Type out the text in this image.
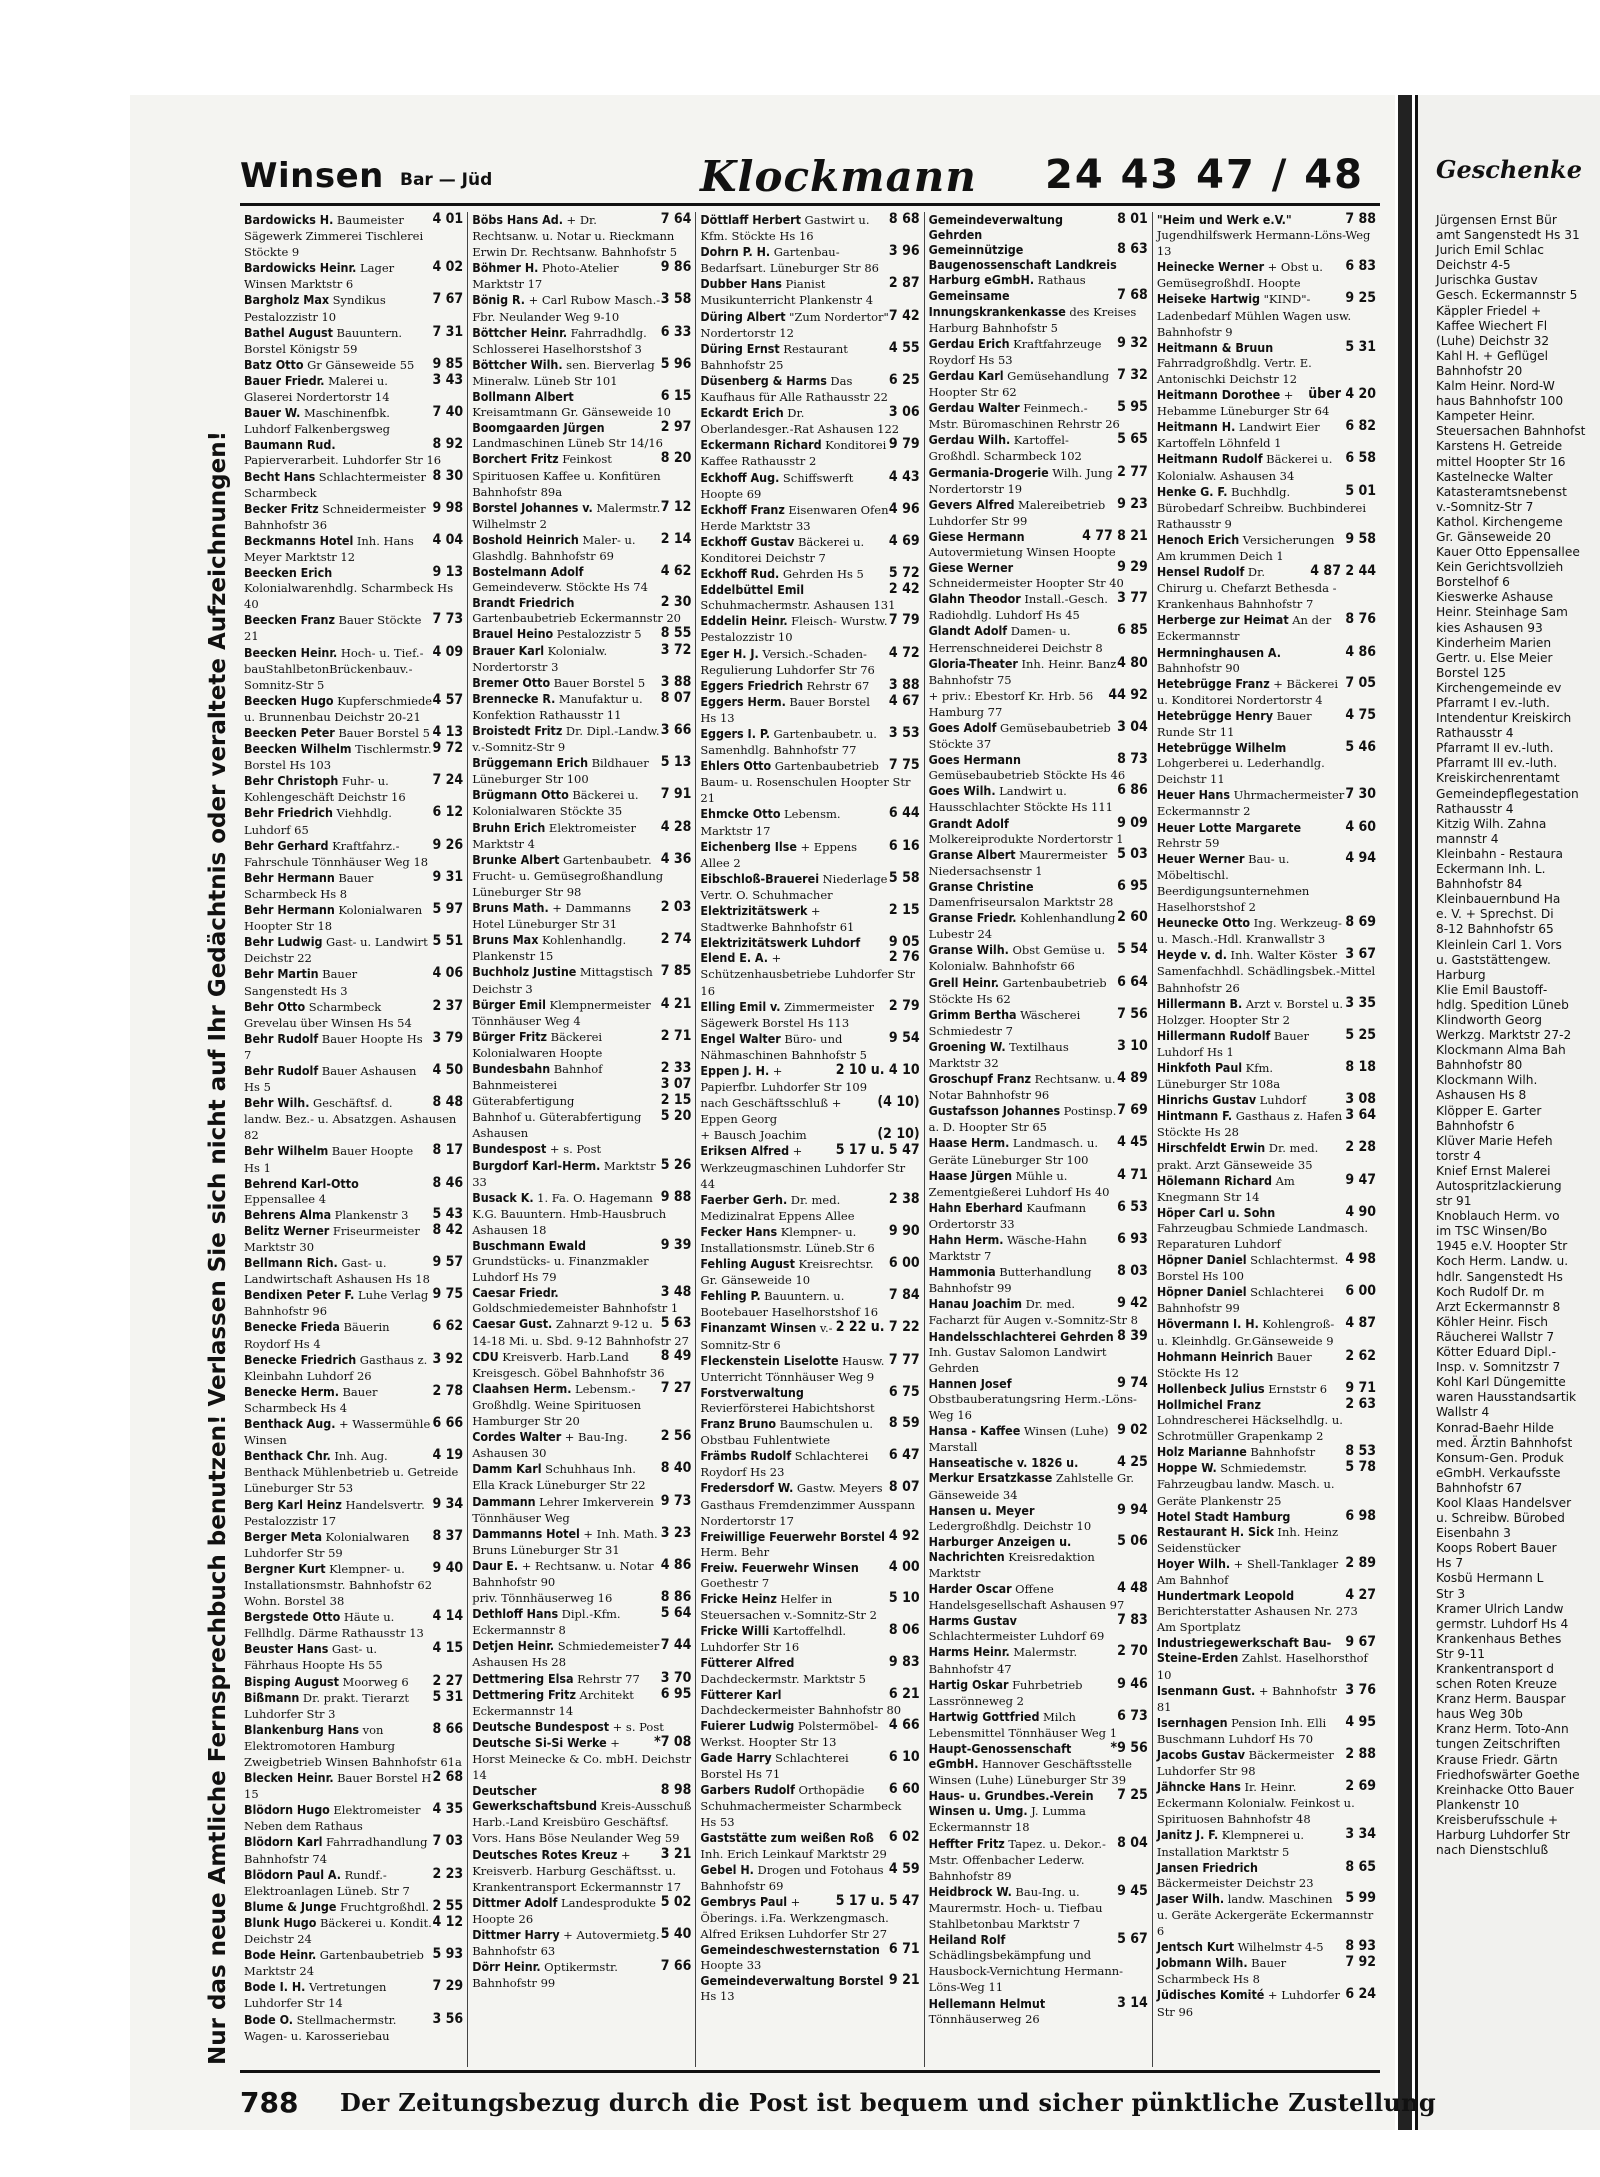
Geschenke
Jürgensen Ernst Bür
amt Sangenstedt Hs 31
Jurich Emil Schlac
Deichstr 4-5
Jurischka Gustav
Gesch. Eckermannstr 5
Käppler Friedel +
Kaffee Wiechert Fl
(Luhe) Deichstr 32
Kahl H. + Geflügel
Bahnhofstr 20
Kalm Heinr. Nord-W
haus Bahnhofstr 100
Kampeter Heinr.
Steuersachen Bahnhofst
Karstens H. Getreide
mittel Hoopter Str 16
Kastelnecke Walter
Katasteramtsnebenst
v.-Somnitz-Str 7
Kathol. Kirchengeme
Gr. Gänseweide 20
Kauer Otto Eppensallee
Kein Gerichtsvollzieh
Borstelhof 6
Kieswerke Ashause
Heinr. Steinhage Sam
kies Ashausen 93
Kinderheim Marien
Gertr. u. Else Meier
Borstel 125
Kirchengemeinde ev
Pfarramt I ev.-luth.
Intendentur Kreiskirch
Rathausstr 4
Pfarramt II ev.-luth.
Pfarramt III ev.-luth.
Kreiskirchenrentamt
Gemeindepflegestation
Rathausstr 4
Kitzig Wilh. Zahna
mannstr 4
Kleinbahn - Restaura
Eckermann Inh. L.
Bahnhofstr 84
Kleinbauernbund Ha
e. V. + Sprechst. Di
8-12 Bahnhofstr 65
Kleinlein Carl 1. Vors
u. Gaststättengew.
Harburg
Klie Emil Baustoff-
hdlg. Spedition Lüneb
Klindworth Georg
Werkzg. Marktstr 27-2
Klockmann Alma Bah
Bahnhofstr 80
Klockmann Wilh.
Ashausen Hs 8
Klöpper E. Garter
Bahnhofstr 6
Klüver Marie Hefeh
torstr 4
Knief Ernst Malerei
Autospritzlackierung
str 91
Knoblauch Herm. vo
im TSC Winsen/Bo
1945 e.V. Hoopter Str
Koch Herm. Landw. u.
hdlr. Sangenstedt Hs
Koch Rudolf Dr. m
Arzt Eckermannstr 8
Köhler Heinr. Fisch
Räucherei Wallstr 7
Kötter Eduard Dipl.-
Insp. v. Somnitzstr 7
Kohl Karl Düngemitte
waren Hausstandsartik
Wallstr 4
Konrad-Baehr Hilde
med. Ärztin Bahnhofst
Konsum-Gen. Produk
eGmbH. Verkaufsste
Bahnhofstr 67
Kool Klaas Handelsver
u. Schreibw. Bürobed
Eisenbahn 3
Koops Robert Bauer
Hs 7
Kosbü Hermann L
Str 3
Kramer Ulrich Landw
germstr. Luhdorf Hs 4
Krankenhaus Bethes
Str 9-11
Krankentransport d
schen Roten Kreuze
Kranz Herm. Bauspar
haus Weg 30b
Kranz Herm. Toto-Ann
tungen Zeitschriften
Krause Friedr. Gärtn
Friedhofswärter Goethe
Kreinhacke Otto Bauer
Plankenstr 10
Kreisberufsschule +
Harburg Luhdorfer Str
nach Dienstschluß
Winsen Bar — Jüd	Klockmann 24 43 47 / 48
Nur das neue Amtliche Fernsprechbuch benutzen! Verlassen Sie sich nicht auf Ihr Gedächtnis oder veraltete Aufzeichnungen!
4 01
Bardowicks H. Baumeister Sägewerk Zimmerei Tischlerei Stöckte 9
4 02
Bardowicks Heinr. Lager Winsen Marktstr 6
7 67
Bargholz Max Syndikus Pestalozzistr 10
7 31
Bathel August Bauuntern. Borstel Königstr 59
9 85
Batz Otto Gr Gänseweide 55
3 43
Bauer Friedr. Malerei u. Glaserei Nordertorstr 14
7 40
Bauer W. Maschinenfbk. Luhdorf Falkenbergsweg
8 92
Baumann Rud. Papierverarbeit. Luhdorfer Str 16
8 30
Becht Hans Schlachtermeister Scharmbeck
9 98
Becker Fritz Schneidermeister Bahnhofstr 36
4 04
Beckmanns Hotel Inh. Hans Meyer Marktstr 12
9 13
Beecken Erich Kolonialwarenhdlg. Scharmbeck Hs 40
7 73
Beecken Franz Bauer Stöckte 21
4 09
Beecken Heinr. Hoch- u. Tief.-bauStahlbetonBrückenbauv.-Somnitz-Str 5
4 57
Beecken Hugo Kupferschmiede u. Brunnenbau Deichstr 20-21
4 13
Beecken Peter Bauer Borstel 5
9 72
Beecken Wilhelm Tischlermstr. Borstel Hs 103
7 24
Behr Christoph Fuhr- u. Kohlengeschäft Deichstr 16
6 12
Behr Friedrich Viehhdlg. Luhdorf 65
9 26
Behr Gerhard Kraftfahrz.-Fahrschule Tönnhäuser Weg 18
9 31
Behr Hermann Bauer Scharmbeck Hs 8
5 97
Behr Hermann Kolonialwaren Hoopter Str 18
5 51
Behr Ludwig Gast- u. Landwirt Deichstr 22
4 06
Behr Martin Bauer Sangenstedt Hs 3
2 37
Behr Otto Scharmbeck Grevelau über Winsen Hs 54
3 79
Behr Rudolf Bauer Hoopte Hs 7
4 50
Behr Rudolf Bauer Ashausen Hs 5
8 48
Behr Wilh. Geschäftsf. d. landw. Bez.- u. Absatzgen. Ashausen 82
8 17
Behr Wilhelm Bauer Hoopte Hs 1
8 46
Behrend Karl-Otto Eppensallee 4
5 43
Behrens Alma Plankenstr 3
8 42
Belitz Werner Friseurmeister Marktstr 30
9 57
Bellmann Rich. Gast- u. Landwirtschaft Ashausen Hs 18
9 75
Bendixen Peter F. Luhe Verlag Bahnhofstr 96
6 62
Benecke Frieda Bäuerin Roydorf Hs 4
3 92
Benecke Friedrich Gasthaus z. Kleinbahn Luhdorf 26
2 78
Benecke Herm. Bauer Scharmbeck Hs 4
6 66
Benthack Aug. + Wassermühle Winsen
4 19
Benthack Chr. Inh. Aug. Benthack Mühlenbetrieb u. Getreide Lüneburger Str 53
9 34
Berg Karl Heinz Handelsvertr. Pestalozzistr 17
8 37
Berger Meta Kolonialwaren Luhdorfer Str 59
9 40
Bergner Kurt Klempner- u. Installationsmstr. Bahnhofstr 62 Wohn. Borstel 38
4 14
Bergstede Otto Häute u. Fellhdlg. Därme Rathausstr 13
4 15
Beuster Hans Gast- u. Fährhaus Hoopte Hs 55
2 27
Bisping August Moorweg 6
5 31
Bißmann Dr. prakt. Tierarzt Luhdorfer Str 3
8 66
Blankenburg Hans von Elektromotoren Hamburg Zweigbetrieb Winsen Bahnhofstr 61a
2 68
Blecken Heinr. Bauer Borstel H 15
4 35
Blödorn Hugo Elektromeister Neben dem Rathaus
7 03
Blödorn Karl Fahrradhandlung Bahnhofstr 74
2 23
Blödorn Paul A. Rundf.-Elektroanlagen Lüneb. Str 7
2 55
Blume & Junge Fruchtgroßhdl.
4 12
Blunk Hugo Bäckerei u. Kondit. Deichstr 24
5 93
Bode Heinr. Gartenbaubetrieb Marktstr 24
7 29
Bode I. H. Vertretungen Luhdorfer Str 14
3 56
Bode O. Stellmachermstr. Wagen- u. Karosseriebau
7 64
Böbs Hans Ad. + Dr. Rechtsanw. u. Notar u. Rieckmann Erwin Dr. Rechtsanw. Bahnhofstr 5
9 86
Böhmer H. Photo-Atelier Marktstr 17
3 58
Bönig R. + Carl Rubow Masch.-Fbr. Neulander Weg 9-10
6 33
Böttcher Heinr. Fahrradhdlg. Schlosserei Haselhorstshof 3
5 96
Böttcher Wilh. sen. Bierverlag Mineralw. Lüneb Str 101
6 15
Bollmann Albert Kreisamtmann Gr. Gänseweide 10
2 97
Boomgaarden Jürgen Landmaschinen Lüneb Str 14/16
8 20
Borchert Fritz Feinkost Spirituosen Kaffee u. Konfitüren Bahnhofstr 89a
7 12
Borstel Johannes v. Malermstr. Wilhelmstr 2
2 14
Boshold Heinrich Maler- u. Glashdlg. Bahnhofstr 69
4 62
Bostelmann Adolf Gemeindeverw. Stöckte Hs 74
2 30
Brandt Friedrich Gartenbaubetrieb Eckermannstr 20
8 55
Brauel Heino Pestalozzistr 5
3 72
Brauer Karl Kolonialw. Nordertorstr 3
3 88
Bremer Otto Bauer Borstel 5
8 07
Brennecke R. Manufaktur u. Konfektion Rathausstr 11
3 66
Broistedt Fritz Dr. Dipl.-Landw. v.-Somnitz-Str 9
5 13
Brüggemann Erich Bildhauer Lüneburger Str 100
7 91
Brügmann Otto Bäckerei u. Kolonialwaren Stöckte 35
4 28
Bruhn Erich Elektromeister Marktstr 4
4 36
Brunke Albert Gartenbaubetr. Frucht- u. Gemüsegroßhandlung Lüneburger Str 98
2 03
Bruns Math. + Dammanns Hotel Lüneburger Str 31
2 74
Bruns Max Kohlenhandlg. Plankenstr 15
7 85
Buchholz Justine Mittagstisch Deichstr 3
4 21
Bürger Emil Klempnermeister Tönnhäuser Weg 4
2 71
Bürger Fritz Bäckerei Kolonialwaren Hoopte
2 33
Bundesbahn Bahnhof
3 07
Bahnmeisterei
2 15
Güterabfertigung
5 20
Bahnhof u. Güterabfertigung Ashausen
Bundespost + s. Post
5 26
Burgdorf Karl-Herm. Marktstr 33
9 88
Busack K. 1. Fa. O. Hagemann K.G. Bauuntern. Hmb-Hausbruch Ashausen 18
9 39
Buschmann Ewald Grundstücks- u. Finanzmakler Luhdorf Hs 79
3 48
Caesar Friedr. Goldschmiedemeister Bahnhofstr 1
5 63
Caesar Gust. Zahnarzt 9-12 u. 14-18 Mi. u. Sbd. 9-12 Bahnhofstr 27
8 49
CDU Kreisverb. Harb.Land Kreisgesch. Göbel Bahnhofstr 36
7 27
Claahsen Herm. Lebensm.-Großhdlg. Weine Spirituosen Hamburger Str 20
2 56
Cordes Walter + Bau-Ing. Ashausen 30
8 40
Damm Karl Schuhhaus Inh. Ella Krack Lüneburger Str 22
9 73
Dammann Lehrer Imkerverein Tönnhäuser Weg
3 23
Dammanns Hotel + Inh. Math. Bruns Lüneburger Str 31
4 86
Daur E. + Rechtsanw. u. Notar Bahnhofstr 90
8 86
priv. Tönnhäuserweg 16
5 64
Dethloff Hans Dipl.-Kfm. Eckermannstr 8
7 44
Detjen Heinr. Schmiedemeister Ashausen Hs 28
3 70
Dettmering Elsa Rehrstr 77
6 95
Dettmering Fritz Architekt Eckermannstr 14
Deutsche Bundespost + s. Post
*7 08
Deutsche Si-Si Werke + Horst Meinecke & Co. mbH. Deichstr 14
8 98
Deutscher Gewerkschaftsbund Kreis-Ausschuß Harb.-Land Kreisbüro Geschäftsf. Vors. Hans Böse Neulander Weg 59
3 21
Deutsches Rotes Kreuz + Kreisverb. Harburg Geschäftsst. u. Krankentransport Eckermannstr 17
5 02
Dittmer Adolf Landesprodukte Hoopte 26
5 40
Dittmer Harry + Autovermietg. Bahnhofstr 63
7 66
Dörr Heinr. Optikermstr. Bahnhofstr 99
8 68
Döttlaff Herbert Gastwirt u. Kfm. Stöckte Hs 16
3 96
Dohrn P. H. Gartenbau-Bedarfsart. Lüneburger Str 86
2 87
Dubber Hans Pianist Musikunterricht Plankenstr 4
7 42
Düring Albert "Zum Nordertor" Nordertorstr 12
4 55
Düring Ernst Restaurant Bahnhofstr 25
6 25
Düsenberg & Harms Das Kaufhaus für Alle Rathausstr 22
3 06
Eckardt Erich Dr. Oberlandesger.-Rat Ashausen 122
9 79
Eckermann Richard Konditorei Kaffee Rathausstr 2
4 43
Eckhoff Aug. Schiffswerft Hoopte 69
4 96
Eckhoff Franz Eisenwaren Ofen Herde Marktstr 33
4 69
Eckhoff Gustav Bäckerei u. Konditorei Deichstr 7
5 72
Eckhoff Rud. Gehrden Hs 5
2 42
Eddelbüttel Emil Schuhmachermstr. Ashausen 131
7 79
Eddelin Heinr. Fleisch- Wurstw. Pestalozzistr 10
4 72
Eger H. J. Versich.-Schaden-Regulierung Luhdorfer Str 76
3 88
Eggers Friedrich Rehrstr 67
4 67
Eggers Herm. Bauer Borstel Hs 13
3 53
Eggers I. P. Gartenbaubetr. u. Samenhdlg. Bahnhofstr 77
7 75
Ehlers Otto Gartenbaubetrieb Baum- u. Rosenschulen Hoopter Str 21
6 44
Ehmcke Otto Lebensm. Marktstr 17
6 16
Eichenberg Ilse + Eppens Allee 2
5 58
Eibschloß-Brauerei Niederlage Vertr. O. Schuhmacher
2 15
Elektrizitätswerk + Stadtwerke Bahnhofstr 61
9 05
Elektrizitätswerk Luhdorf
2 76
Elend E. A. + Schützenhausbetriebe Luhdorfer Str 16
2 79
Elling Emil v. Zimmermeister Sägewerk Borstel Hs 113
9 54
Engel Walter Büro- und Nähmaschinen Bahnhofstr 5
2 10 u. 4 10
Eppen J. H. + Papierfbr. Luhdorfer Str 109
(4 10)
nach Geschäftsschluß + Eppen Georg
(2 10)
+ Bausch Joachim
5 17 u. 5 47
Eriksen Alfred + Werkzeugmaschinen Luhdorfer Str 44
2 38
Faerber Gerh. Dr. med. Medizinalrat Eppens Allee
9 90
Fecker Hans Klempner- u. Installationsmstr. Lüneb.Str 6
6 00
Fehling August Kreisrechtsr. Gr. Gänseweide 10
7 84
Fehling P. Bauuntern. u. Bootebauer Haselhorstshof 16
2 22 u. 7 22
Finanzamt Winsen v.-Somnitz-Str 6
7 77
Fleckenstein Liselotte Hausw. Unterricht Tönnhäuser Weg 9
6 75
Forstverwaltung Revierförsterei Habichtshorst
8 59
Franz Bruno Baumschulen u. Obstbau Fuhlentwiete
6 47
Främbs Rudolf Schlachterei Roydorf Hs 23
8 07
Fredersdorf W. Gastw. Meyers Gasthaus Fremdenzimmer Ausspann Nordertorstr 17
4 92
Freiwillige Feuerwehr Borstel Herm. Behr
4 00
Freiw. Feuerwehr Winsen Goethestr 7
5 10
Fricke Heinz Helfer in Steuersachen v.-Somnitz-Str 2
8 06
Fricke Willi Kartoffelhdl. Luhdorfer Str 16
9 83
Fütterer Alfred Dachdeckermstr. Marktstr 5
6 21
Fütterer Karl Dachdeckermeister Bahnhofstr 80
4 66
Fuierer Ludwig Polstermöbel-Werkst. Hoopter Str 13
6 10
Gade Harry Schlachterei Borstel Hs 71
6 60
Garbers Rudolf Orthopädie Schuhmachermeister Scharmbeck Hs 53
6 02
Gaststätte zum weißen Roß Inh. Erich Leinkauf Marktstr 29
4 59
Gebel H. Drogen und Fotohaus Bahnhofstr 69
5 17 u. 5 47
Gembrys Paul + Öberings. i.Fa. Werkzengmasch. Alfred Eriksen Luhdorfer Str 27
6 71
Gemeindeschwesternstation Hoopte 33
9 21
Gemeindeverwaltung Borstel Hs 13
8 01
Gemeindeverwaltung Gehrden
8 63
Gemeinnützige Baugenossenschaft Landkreis Harburg eGmbH. Rathaus
7 68
Gemeinsame Innungskrankenkasse des Kreises Harburg Bahnhofstr 5
9 32
Gerdau Erich Kraftfahrzeuge Roydorf Hs 53
7 32
Gerdau Karl Gemüsehandlung Hoopter Str 62
5 95
Gerdau Walter Feinmech.-Mstr. Büromaschinen Rehrstr 26
5 65
Gerdau Wilh. Kartoffel-Großhdl. Scharmbeck 102
2 77
Germania-Drogerie Wilh. Jung Nordertorstr 19
9 23
Gevers Alfred Malereibetrieb Luhdorfer Str 99
4 77 8 21
Giese Hermann Autovermietung Winsen Hoopte
9 29
Giese Werner Schneidermeister Hoopter Str 40
3 77
Glahn Theodor Install.-Gesch. Radiohdlg. Luhdorf Hs 45
6 85
Glandt Adolf Damen- u. Herrenschneiderei Deichstr 8
4 80
Gloria-Theater Inh. Heinr. Banz Bahnhofstr 75
44 92
+ priv.: Ebestorf Kr. Hrb. 56 Hamburg 77
3 04
Goes Adolf Gemüsebaubetrieb Stöckte 37
8 73
Goes Hermann Gemüsebaubetrieb Stöckte Hs 46
6 86
Goes Wilh. Landwirt u. Hausschlachter Stöckte Hs 111
9 09
Grandt Adolf Molkereiprodukte Nordertorstr 1
5 03
Granse Albert Maurermeister Niedersachsenstr 1
6 95
Granse Christine Damenfriseursalon Marktstr 28
2 60
Granse Friedr. Kohlenhandlung Lubestr 24
5 54
Granse Wilh. Obst Gemüse u. Kolonialw. Bahnhofstr 66
6 64
Grell Heinr. Gartenbaubetrieb Stöckte Hs 62
7 56
Grimm Bertha Wäscherei Schmiedestr 7
3 10
Groening W. Textilhaus Marktstr 32
4 89
Groschupf Franz Rechtsanw. u. Notar Bahnhofstr 96
7 69
Gustafsson Johannes Postinsp. a. D. Hoopter Str 65
4 45
Haase Herm. Landmasch. u. Geräte Lüneburger Str 100
4 71
Haase Jürgen Mühle u. Zementgießerei Luhdorf Hs 40
6 53
Hahn Eberhard Kaufmann Ordertorstr 33
6 93
Hahn Herm. Wäsche-Hahn Marktstr 7
8 03
Hammonia Butterhandlung Bahnhofstr 99
9 42
Hanau Joachim Dr. med. Facharzt für Augen v.-Somnitz-Str 8
8 39
Handelsschlachterei Gehrden Inh. Gustav Salomon Landwirt Gehrden
9 74
Hannen Josef Obstbauberatungsring Herm.-Löns-Weg 16
9 02
Hansa - Kaffee Winsen (Luhe) Marstall
4 25
Hanseatische v. 1826 u. Merkur Ersatzkasse Zahlstelle Gr. Gänseweide 34
9 94
Hansen u. Meyer Ledergroßhdlg. Deichstr 10
5 06
Harburger Anzeigen u. Nachrichten Kreisredaktion Marktstr
4 48
Harder Oscar Offene Handelsgesellschaft Ashausen 97
7 83
Harms Gustav Schlachtermeister Luhdorf 69
2 70
Harms Heinr. Malermstr. Bahnhofstr 47
9 46
Hartig Oskar Fuhrbetrieb Lassrönneweg 2
6 73
Hartwig Gottfried Milch Lebensmittel Tönnhäuser Weg 1
*9 56
Haupt-Genossenschaft eGmbH. Hannover Geschäftsstelle Winsen (Luhe) Lüneburger Str 39
7 25
Haus- u. Grundbes.-Verein Winsen u. Umg. J. Lumma Eckermannstr 18
8 04
Heffter Fritz Tapez. u. Dekor.-Mstr. Offenbacher Lederw. Bahnhofstr 89
9 45
Heidbrock W. Bau-Ing. u. Maurermstr. Hoch- u. Tiefbau Stahlbetonbau Marktstr 7
5 67
Heiland Rolf Schädlingsbekämpfung und Hausbock-Vernichtung Hermann-Löns-Weg 11
3 14
Hellemann Helmut Tönnhäuserweg 26
7 88
"Heim und Werk e.V." Jugendhilfswerk Hermann-Löns-Weg 13
6 83
Heinecke Werner + Obst u. GemüsegroßhdI. Hoopte
9 25
Heiseke Hartwig "KIND"-Ladenbedarf Mühlen Wagen usw. Bahnhofstr 9
5 31
Heitmann & Bruun Fahrradgroßhdlg. Vertr. E. Antonischki Deichstr 12
über 4 20
Heitmann Dorothee + Hebamme Lüneburger Str 64
6 82
Heitmann H. Landwirt Eier Kartoffeln Löhnfeld 1
6 58
Heitmann Rudolf Bäckerei u. Kolonialw. Ashausen 34
5 01
Henke G. F. Buchhdlg. Bürobedarf Schreibw. Buchbinderei Rathausstr 9
9 58
Henoch Erich Versicherungen Am krummen Deich 1
4 87 2 44
Hensel Rudolf Dr. Chirurg u. Chefarzt Bethesda - Krankenhaus Bahnhofstr 7
8 76
Herberge zur Heimat An der Eckermannstr
4 86
Hermninghausen A. Bahnhofstr 90
7 05
Hetebrügge Franz + Bäckerei u. Konditorei Nordertorstr 4
4 75
Hetebrügge Henry Bauer Runde Str 11
5 46
Hetebrügge Wilhelm Lohgerberei u. Lederhandlg. Deichstr 11
7 30
Heuer Hans Uhrmachermeister Eckermannstr 2
4 60
Heuer Lotte Margarete Rehrstr 59
4 94
Heuer Werner Bau- u. Möbeltischl. Beerdigungsunternehmen Haselhorstshof 2
8 69
Heunecke Otto Ing. Werkzeug- u. Masch.-Hdl. Kranwallstr 3
3 67
Heyde v. d. Inh. Walter Köster Samenfachhdl. Schädlingsbek.-Mittel Bahnhofstr 26
3 35
Hillermann B. Arzt v. Borstel u. Holzger. Hoopter Str 2
5 25
Hillermann Rudolf Bauer Luhdorf Hs 1
8 18
Hinkfoth Paul Kfm. Lüneburger Str 108a
3 08
Hinrichs Gustav Luhdorf
3 64
Hintmann F. Gasthaus z. Hafen Stöckte Hs 28
2 28
Hirschfeldt Erwin Dr. med. prakt. Arzt Gänseweide 35
9 47
Hölemann Richard Am Knegmann Str 14
4 90
Höper Carl u. Sohn Fahrzeugbau Schmiede Landmasch. Reparaturen Luhdorf
4 98
Höpner Daniel Schlachtermst. Borstel Hs 100
6 00
Höpner Daniel Schlachterei Bahnhofstr 99
4 87
Hövermann I. H. Kohlengroß- u. Kleinhdlg. Gr.Gänseweide 9
2 62
Hohmann Heinrich Bauer Stöckte Hs 12
9 71
Hollenbeck Julius Ernststr 6
2 63
Hollmichel Franz Lohndrescherei Häckselhdlg. u. Schrotmüller Grapenkamp 2
8 53
Holz Marianne Bahnhofstr
5 78
Hoppe W. Schmiedemstr. Fahrzeugbau landw. Masch. u. Geräte Plankenstr 25
6 98
Hotel Stadt Hamburg Restaurant H. Sick Inh. Heinz Seidenstücker
2 89
Hoyer Wilh. + Shell-Tanklager Am Bahnhof
4 27
Hundertmark Leopold Berichterstatter Ashausen Nr. 273 Am Sportplatz
9 67
Industriegewerkschaft Bau-Steine-Erden Zahlst. Haselhorsthof 10
3 76
Isenmann Gust. + Bahnhofstr 81
4 95
Isernhagen Pension Inh. Elli Buschmann Luhdorf Hs 70
2 88
Jacobs Gustav Bäckermeister Luhdorfer Str 98
2 69
Jähncke Hans Ir. Heinr. Eckermann Kolonialw. Feinkost u. Spirituosen Bahnhofstr 48
3 34
Janitz J. F. Klempnerei u. Installation Marktstr 5
8 65
Jansen Friedrich Bäckermeister Deichstr 23
5 99
Jaser Wilh. landw. Maschinen u. Geräte Ackergeräte Eckermannstr 6
8 93
Jentsch Kurt Wilhelmstr 4-5
7 92
Jobmann Wilh. Bauer Scharmbeck Hs 8
6 24
Jüdisches Komité + Luhdorfer Str 96
788 Der Zeitungsbezug durch die Post ist bequem und sicher pünktliche Zustellung
